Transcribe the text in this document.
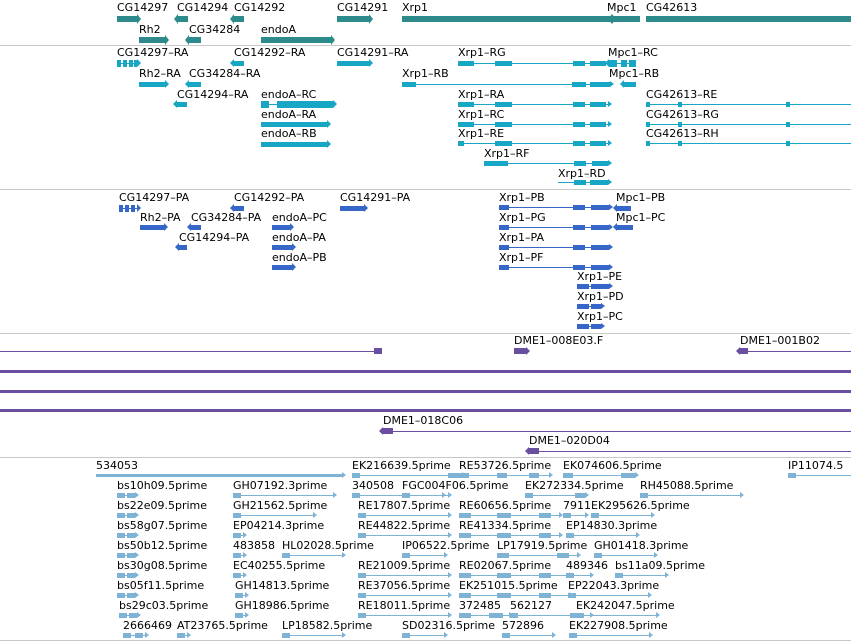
CG14297 CG14294 CG14292	CG14291 Xrp1	Mpc1 CG42613
Rh2	CG34284 endoA
CG14297–RA	CG14292–RA	CG14291–RA	Xrp1–RG	Mpc1–RC
Rh2–RA CG34284–RA	Xrp1–RB	Mpc1–RB
CG14294–RA endoA–RC	Xrp1–RA	CG42613–RE
endoA–RA	Xrp1–RC	CG42613–RG
endoA–RB	Xrp1–RE	CG42613–RH
Xrp1–RF
Xrp1–RD
CG14297–PA	CG14292–PA	CG14291–PA	Xrp1–PB	Mpc1–PB
Rh2–PA CG34284–PA endoA–PC	Xrp1–PG	Mpc1–PC
CG14294–PA endoA–PA	Xrp1–PA
endoA–PB	Xrp1–PF
Xrp1–PE
Xrp1–PD
Xrp1–PC
DME1–008E03.F	DME1–001B02
DME1–018C06
DME1–020D04
534053	EK216639.5prime RE53726.5prime EK074606.5prime	IP11074.5
bs10h09.5prime GH07192.3prime 340508 FGC004F06.5prime EK272334.5prime RH45088.5prime
bs22e09.5prime GH21562.5prime	RE17807.5prime RE60656.5prime 7911 EK295626.5prime
bs58g07.5prime EP04214.3prime	RE44822.5prime RE41334.5prime EP14830.3prime
bs50b12.5prime 483858 HL02028.5prime	IP06522.5prime LP17919.5prime GH01418.3prime
bs30g08.5prime EC40255.5prime	RE21009.5prime RE02067.5prime 489346 bs11a09.5prime
bs05f11.5prime	GH14813.5prime	RE37056.5prime EK251015.5prime EP22043.3prime
bs29c03.5prime GH18986.5prime	RE18011.5prime 372485 562127 EK242047.5prime
2666469 AT23765.5prime LP18582.5prime	SD02316.5prime 572896 EK227908.5prime
